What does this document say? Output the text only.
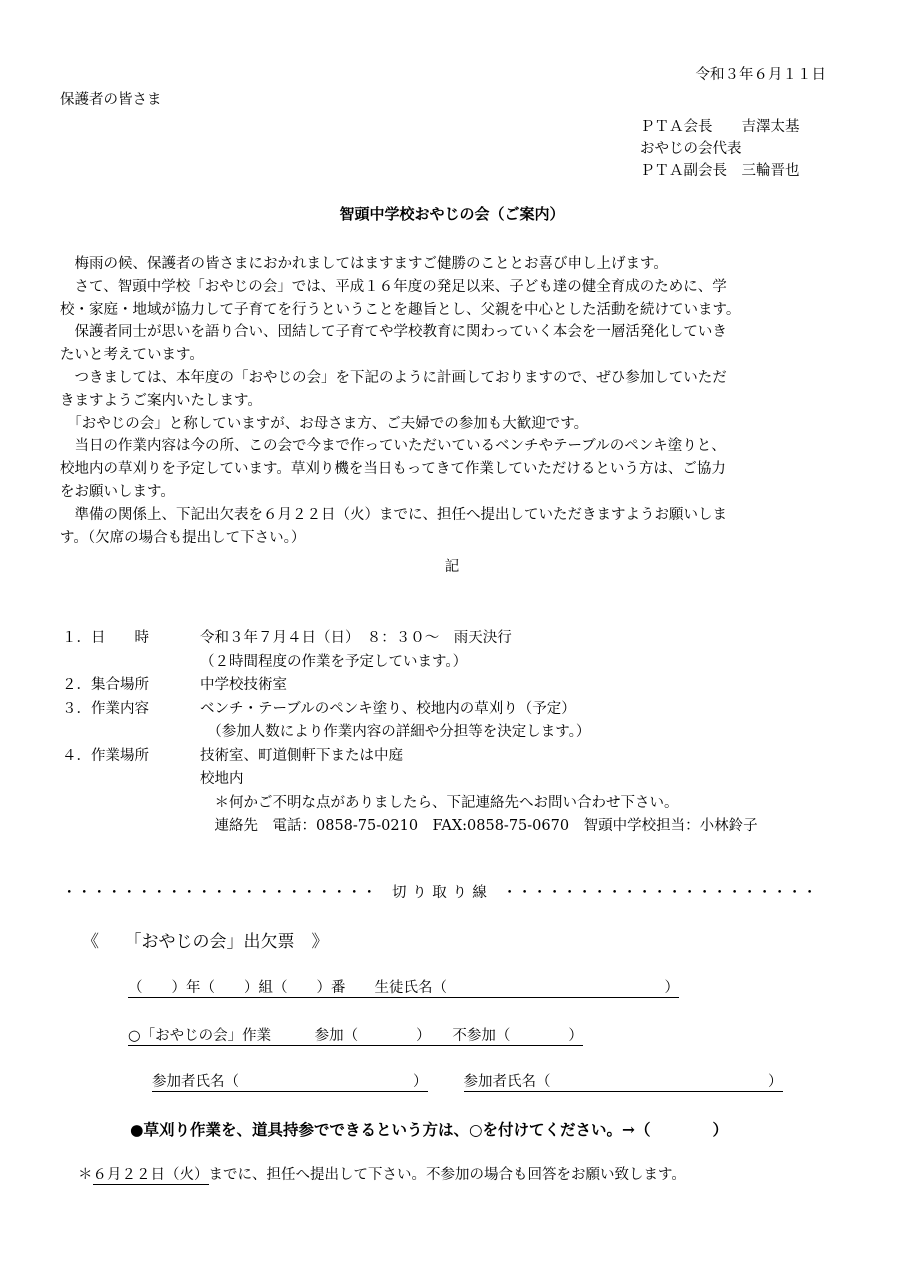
令和３年６月１１日
保護者の皆さま
ＰＴＡ会長　　吉澤太基
おやじの会代表
ＰＴＡ副会長　三輪晋也
智頭中学校おやじの会（ご案内）
　梅雨の候、保護者の皆さまにおかれましてはますますご健勝のこととお喜び申し上げます。
　さて、智頭中学校「おやじの会」では、平成１６年度の発足以来、子ども達の健全育成のために、学
校・家庭・地域が協力して子育てを行うということを趣旨とし、父親を中心とした活動を続けています。
　保護者同士が思いを語り合い、団結して子育てや学校教育に関わっていく本会を一層活発化していき
たいと考えています。
　つきましては、本年度の「おやじの会」を下記のように計画しておりますので、ぜひ参加していただ
きますようご案内いたします。
　「おやじの会」と称していますが、お母さま方、ご夫婦での参加も大歓迎です。
　当日の作業内容は今の所、この会で今まで作っていただいているベンチやテーブルのペンキ塗りと、
校地内の草刈りを予定しています。草刈り機を当日もってきて作業していただけるという方は、ご協力
をお願いします。
　準備の関係上、下記出欠表を６月２２日（火）までに、担任へ提出していただきますようお願いしま
す。（欠席の場合も提出して下さい。）
記
１．日　　時	令和３年７月４日（日）　８：３０～　雨天決行
（２時間程度の作業を予定しています。）
２．集合場所	中学校技術室
３．作業内容	ベンチ・テーブルのペンキ塗り、校地内の草刈り（予定）
　（参加人数により作業内容の詳細や分担等を決定します。）
４．作業場所	技術室、町道側軒下または中庭
校地内
　＊何かご不明な点がありましたら、下記連絡先へお問い合わせ下さい。
　連絡先　電話：0858-75-0210　FAX:0858-75-0670　智頭中学校担当：小林鈴子
・・・・・・・・・・・・・・・・・・・・・　切 り 取 り 線　・・・・・・・・・・・・・・・・・・・・・
《　　「おやじの会」出欠票　》
（　　）年（　　）組（　　）番　　生徒氏名（　　　　　　　　　　　　　　　）
○「おやじの会」作業　　　参加（　　　　）　　不参加（　　　　）
参加者氏名（　　　　　　　　　　　　） 参加者氏名（　　　　　　　　　　　　　　　）
●草刈り作業を、道具持参でできるという方は、○を付けてください。→（　　　　）
＊６月２２日（火）までに、担任へ提出して下さい。不参加の場合も回答をお願い致します。
